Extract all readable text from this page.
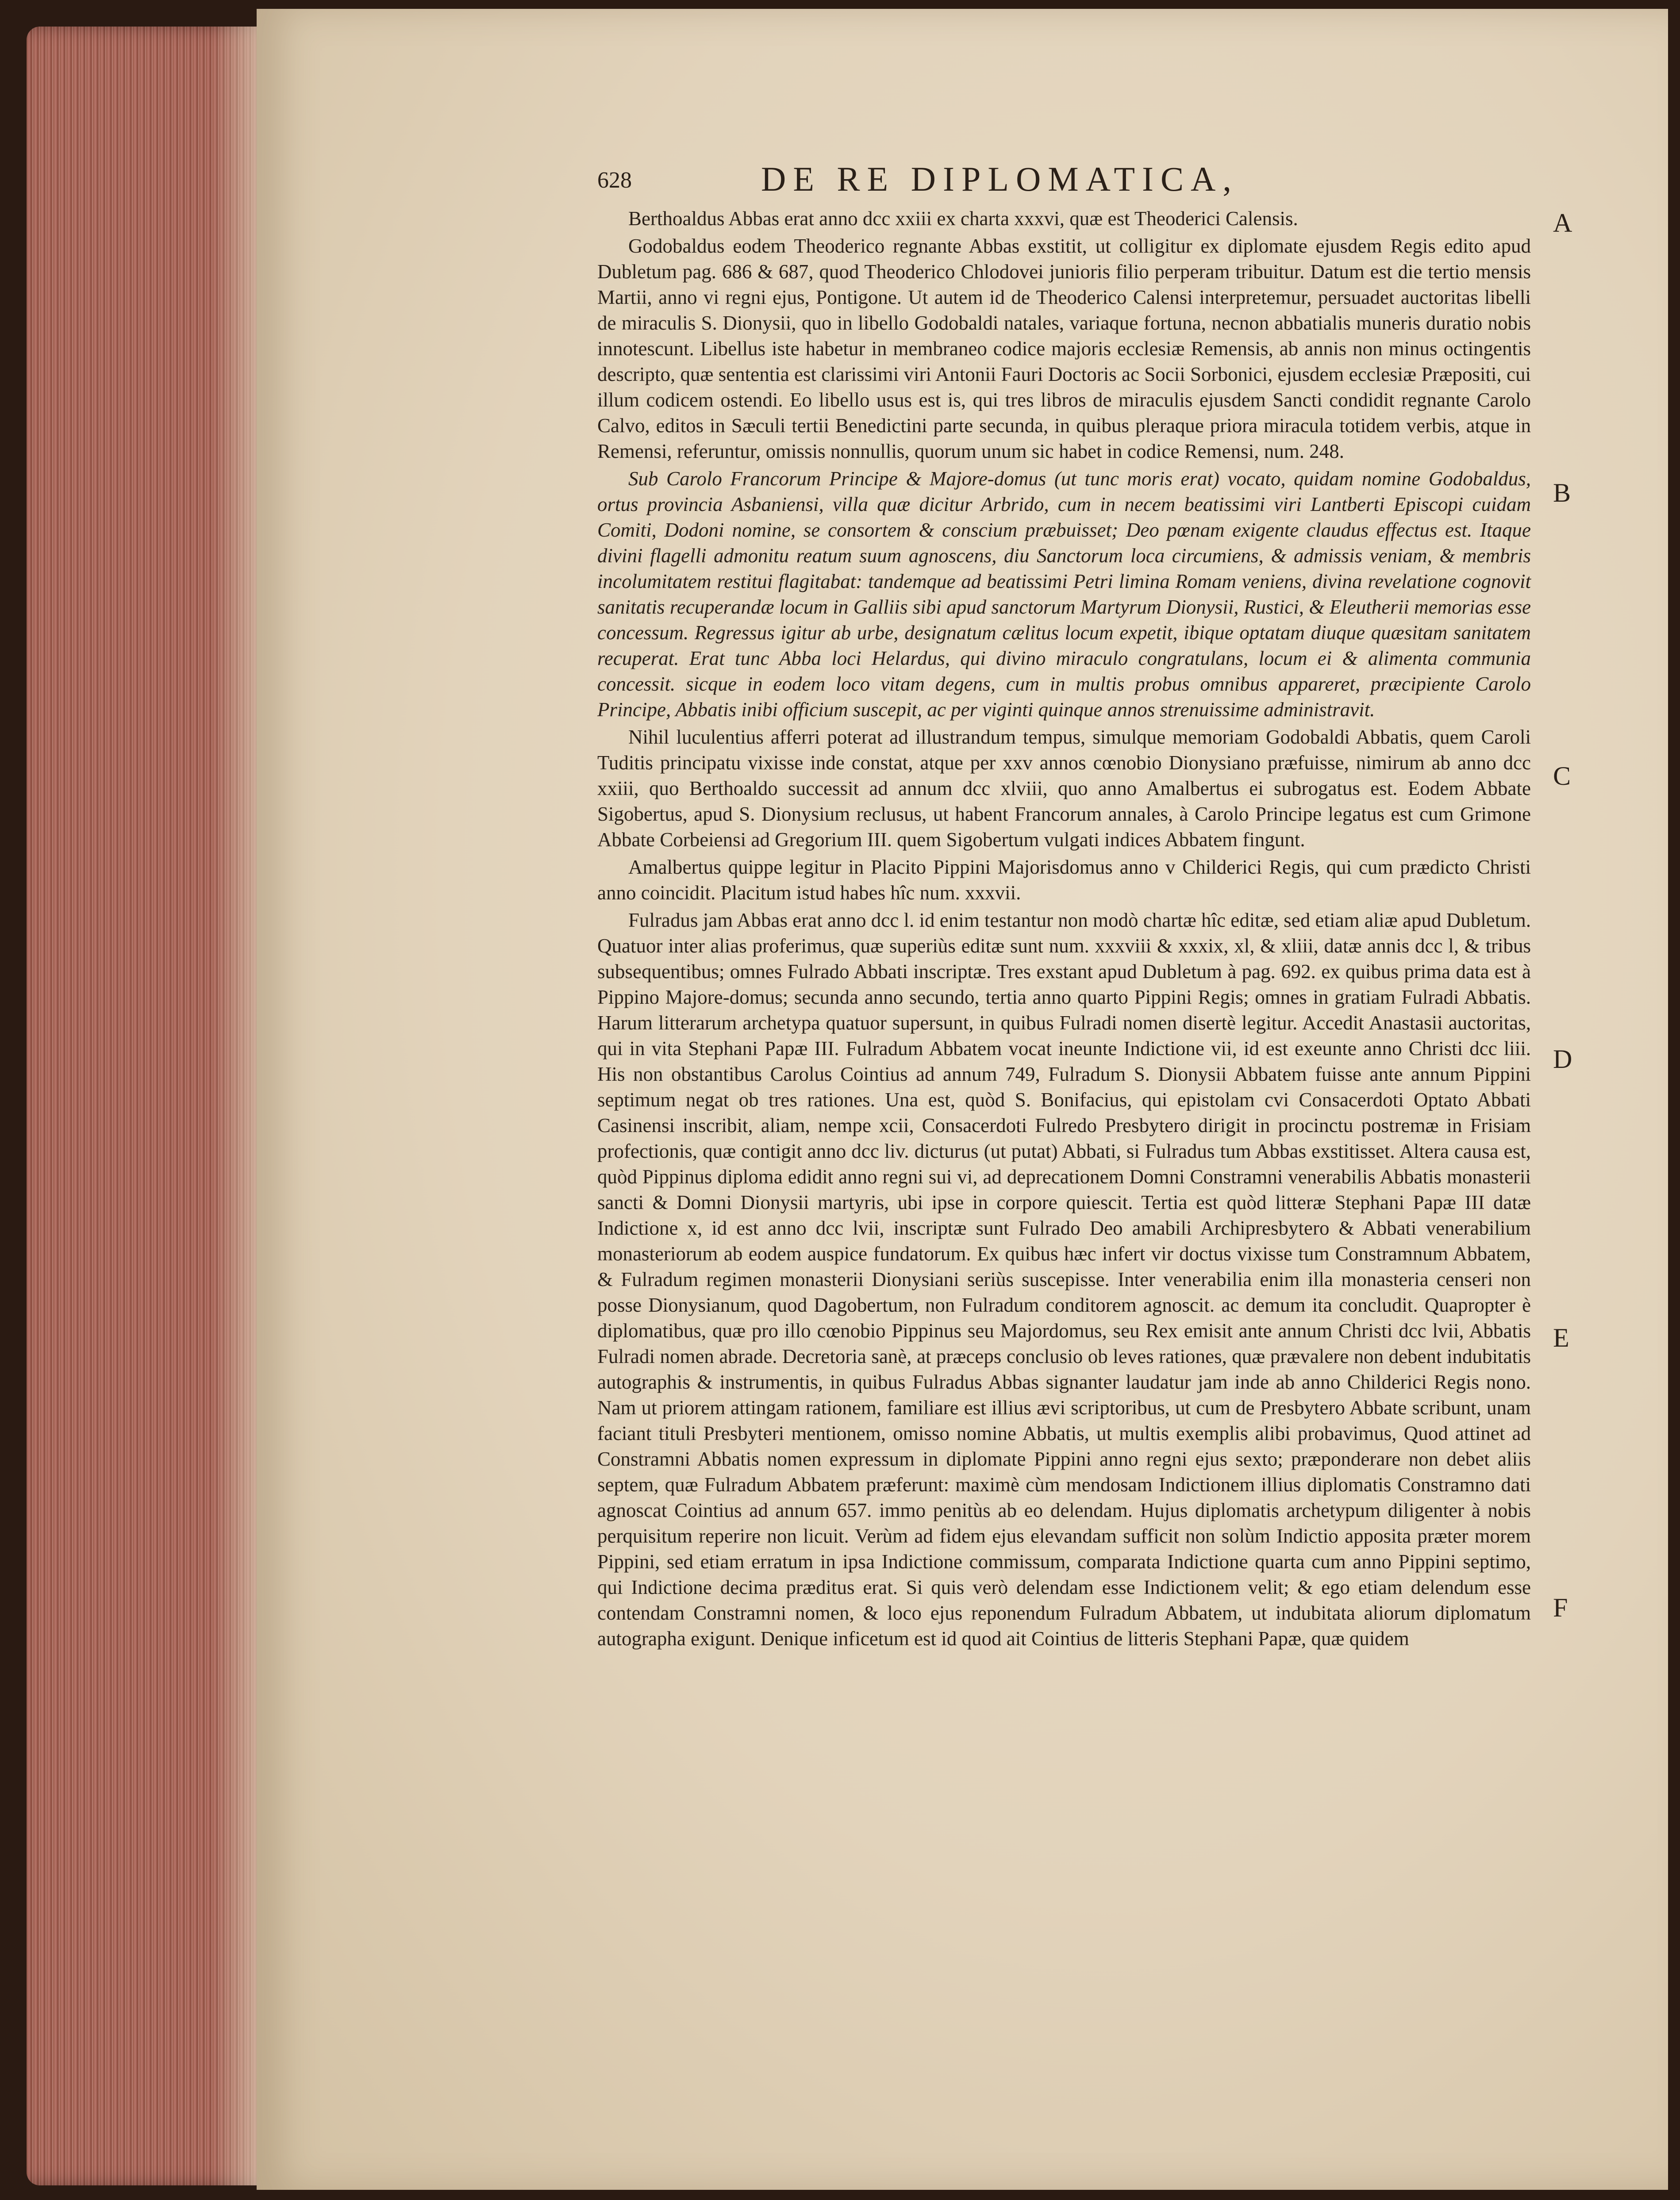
628	DE RE DIPLOMATICA,

Berthoaldus Abbas erat anno dcc xxiii ex charta xxxvi, quæ est Theoderici Calensis.

Godobaldus eodem Theoderico regnante Abbas exstitit, ut colligitur ex diplomate ejusdem Regis edito apud Dubletum pag. 686 & 687, quod Theoderico Chlodovei junioris filio perperam tribuitur. Datum est die tertio mensis Martii, anno vi regni ejus, Pontigone. Ut autem id de Theoderico Calensi interpretemur, persuadet auctoritas libelli de miraculis S. Dionysii, quo in libello Godobaldi natales, variaque fortuna, necnon abbatialis muneris duratio nobis innotescunt. Libellus iste habetur in membraneo codice majoris ecclesiæ Remensis, ab annis non minus octingentis descripto, quæ sententia est clarissimi viri Antonii Fauri Doctoris ac Socii Sorbonici, ejusdem ecclesiæ Præpositi, cui illum codicem ostendi. Eo libello usus est is, qui tres libros de miraculis ejusdem Sancti condidit regnante Carolo Calvo, editos in Sæculi tertii Benedictini parte secunda, in quibus pleraque priora miracula totidem verbis, atque in Remensi, referuntur, omissis nonnullis, quorum unum sic habet in codice Remensi, num. 248.

Sub Carolo Francorum Principe & Majore-domus (ut tunc moris erat) vocato, quidam nomine Godobaldus, ortus provincia Asbaniensi, villa quæ dicitur Arbrido, cum in necem beatissimi viri Lantberti Episcopi cuidam Comiti, Dodoni nomine, se consortem & conscium præbuisset; Deo pœnam exigente claudus effectus est. Itaque divini flagelli admonitu reatum suum agnoscens, diu Sanctorum loca circumiens, & admissis veniam, & membris incolumitatem restitui flagitabat: tandemque ad beatissimi Petri limina Romam veniens, divina revelatione cognovit sanitatis recuperandæ locum in Galliis sibi apud sanctorum Martyrum Dionysii, Rustici, & Eleutherii memorias esse concessum. Regressus igitur ab urbe, designatum cælitus locum expetit, ibique optatam diuque quæsitam sanitatem recuperat. Erat tunc Abba loci Helardus, qui divino miraculo congratulans, locum ei & alimenta communia concessit. sicque in eodem loco vitam degens, cum in multis probus omnibus appareret, præcipiente Carolo Principe, Abbatis inibi officium suscepit, ac per viginti quinque annos strenuissime administravit.

Nihil luculentius afferri poterat ad illustrandum tempus, simulque memoriam Godobaldi Abbatis, quem Caroli Tuditis principatu vixisse inde constat, atque per xxv annos cœnobio Dionysiano præfuisse, nimirum ab anno dcc xxiii, quo Berthoaldo successit ad annum dcc xlviii, quo anno Amalbertus ei subrogatus est. Eodem Abbate Sigobertus, apud S. Dionysium reclusus, ut habent Francorum annales, à Carolo Principe legatus est cum Grimone Abbate Corbeiensi ad Gregorium III. quem Sigobertum vulgati indices Abbatem fingunt.

Amalbertus quippe legitur in Placito Pippini Majorisdomus anno v Childerici Regis, qui cum prædicto Christi anno coincidit. Placitum istud habes hîc num. xxxvii.

Fulradus jam Abbas erat anno dcc l. id enim testantur non modò chartæ hîc editæ, sed etiam aliæ apud Dubletum. Quatuor inter alias proferimus, quæ superiùs editæ sunt num. xxxviii & xxxix, xl, & xliii, datæ annis dcc l, & tribus subsequentibus; omnes Fulrado Abbati inscriptæ. Tres exstant apud Dubletum à pag. 692. ex quibus prima data est à Pippino Majore-domus; secunda anno secundo, tertia anno quarto Pippini Regis; omnes in gratiam Fulradi Abbatis. Harum litterarum archetypa quatuor supersunt, in quibus Fulradi nomen disertè legitur. Accedit Anastasii auctoritas, qui in vita Stephani Papæ III. Fulradum Abbatem vocat ineunte Indictione vii, id est exeunte anno Christi dcc liii. His non obstantibus Carolus Cointius ad annum 749, Fulradum S. Dionysii Abbatem fuisse ante annum Pippini septimum negat ob tres rationes. Una est, quòd S. Bonifacius, qui epistolam cvi Consacerdoti Optato Abbati Casinensi inscribit, aliam, nempe xcii, Consacerdoti Fulredo Presbytero dirigit in procinctu postremæ in Frisiam profectionis, quæ contigit anno dcc liv. dicturus (ut putat) Abbati, si Fulradus tum Abbas exstitisset. Altera causa est, quòd Pippinus diploma edidit anno regni sui vi, ad deprecationem Domni Constramni venerabilis Abbatis monasterii sancti & Domni Dionysii martyris, ubi ipse in corpore quiescit. Tertia est quòd litteræ Stephani Papæ III datæ Indictione x, id est anno dcc lvii, inscriptæ sunt Fulrado Deo amabili Archipresbytero & Abbati venerabilium monasteriorum ab eodem auspice fundatorum. Ex quibus hæc infert vir doctus vixisse tum Constramnum Abbatem, & Fulradum regimen monasterii Dionysiani seriùs suscepisse. Inter venerabilia enim illa monasteria censeri non posse Dionysianum, quod Dagobertum, non Fulradum conditorem agnoscit. ac demum ita concludit. Quapropter è diplomatibus, quæ pro illo cœnobio Pippinus seu Majordomus, seu Rex emisit ante annum Christi dcc lvii, Abbatis Fulradi nomen abrade. Decretoria sanè, at præceps conclusio ob leves rationes, quæ prævalere non debent indubitatis autographis & instrumentis, in quibus Fulradus Abbas signanter laudatur jam inde ab anno Childerici Regis nono. Nam ut priorem attingam rationem, familiare est illius ævi scriptoribus, ut cum de Presbytero Abbate scribunt, unam faciant tituli Presbyteri mentionem, omisso nomine Abbatis, ut multis exemplis alibi probavimus, Quod attinet ad Constramni Abbatis nomen expressum in diplomate Pippini anno regni ejus sexto; præponderare non debet aliis septem, quæ Fulradum Abbatem præferunt: maximè cùm mendosam Indictionem illius diplomatis Constramno dati agnoscat Cointius ad annum 657. immo penitùs ab eo delendam. Hujus diplomatis archetypum diligenter à nobis perquisitum reperire non licuit. Verùm ad fidem ejus elevandam sufficit non solùm Indictio apposita præter morem Pippini, sed etiam erratum in ipsa Indictione commissum, comparata Indictione quarta cum anno Pippini septimo, qui Indictione decima præditus erat. Si quis verò delendam esse Indictionem velit; & ego etiam delendum esse contendam Constramni nomen, & loco ejus reponendum Fulradum Abbatem, ut indubitata aliorum diplomatum autographa exigunt. Denique inficetum est id quod ait Cointius de litteris Stephani Papæ, quæ quidem

A
B
C
D
E
F
